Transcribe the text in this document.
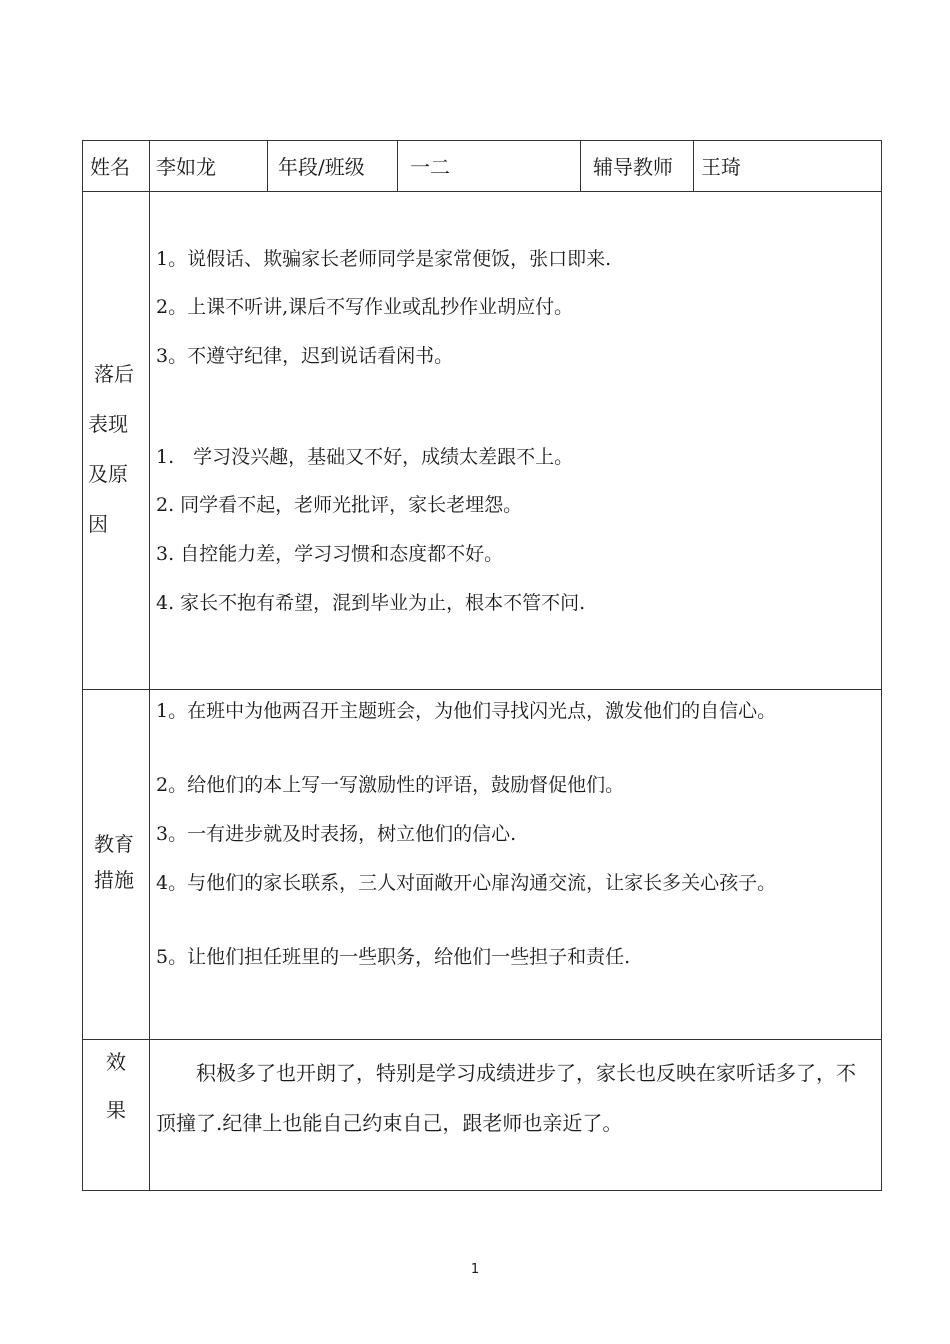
姓名 李如龙	年段/班级 一二	辅导教师 王琦
落后
表现
及原
因
1。说假话、欺骗家长老师同学是家常便饭，张口即来.
2。上课不听讲,课后不写作业或乱抄作业胡应付。
3。不遵守纪律，迟到说话看闲书。
1.　学习没兴趣，基础又不好，成绩太差跟不上。
2. 同学看不起，老师光批评，家长老埋怨。
3. 自控能力差，学习习惯和态度都不好。
4. 家长不抱有希望，混到毕业为止，根本不管不问.
教育
措施
1。在班中为他两召开主题班会，为他们寻找闪光点，激发他们的自信心。
2。给他们的本上写一写激励性的评语，鼓励督促他们。
3。一有进步就及时表扬，树立他们的信心.
4。与他们的家长联系，三人对面敞开心扉沟通交流，让家长多关心孩子。
5。让他们担任班里的一些职务，给他们一些担子和责任.
效
果
积极多了也开朗了，特别是学习成绩进步了，家长也反映在家听话多了，不顶撞了.纪律上也能自己约束自己，跟老师也亲近了。
1
